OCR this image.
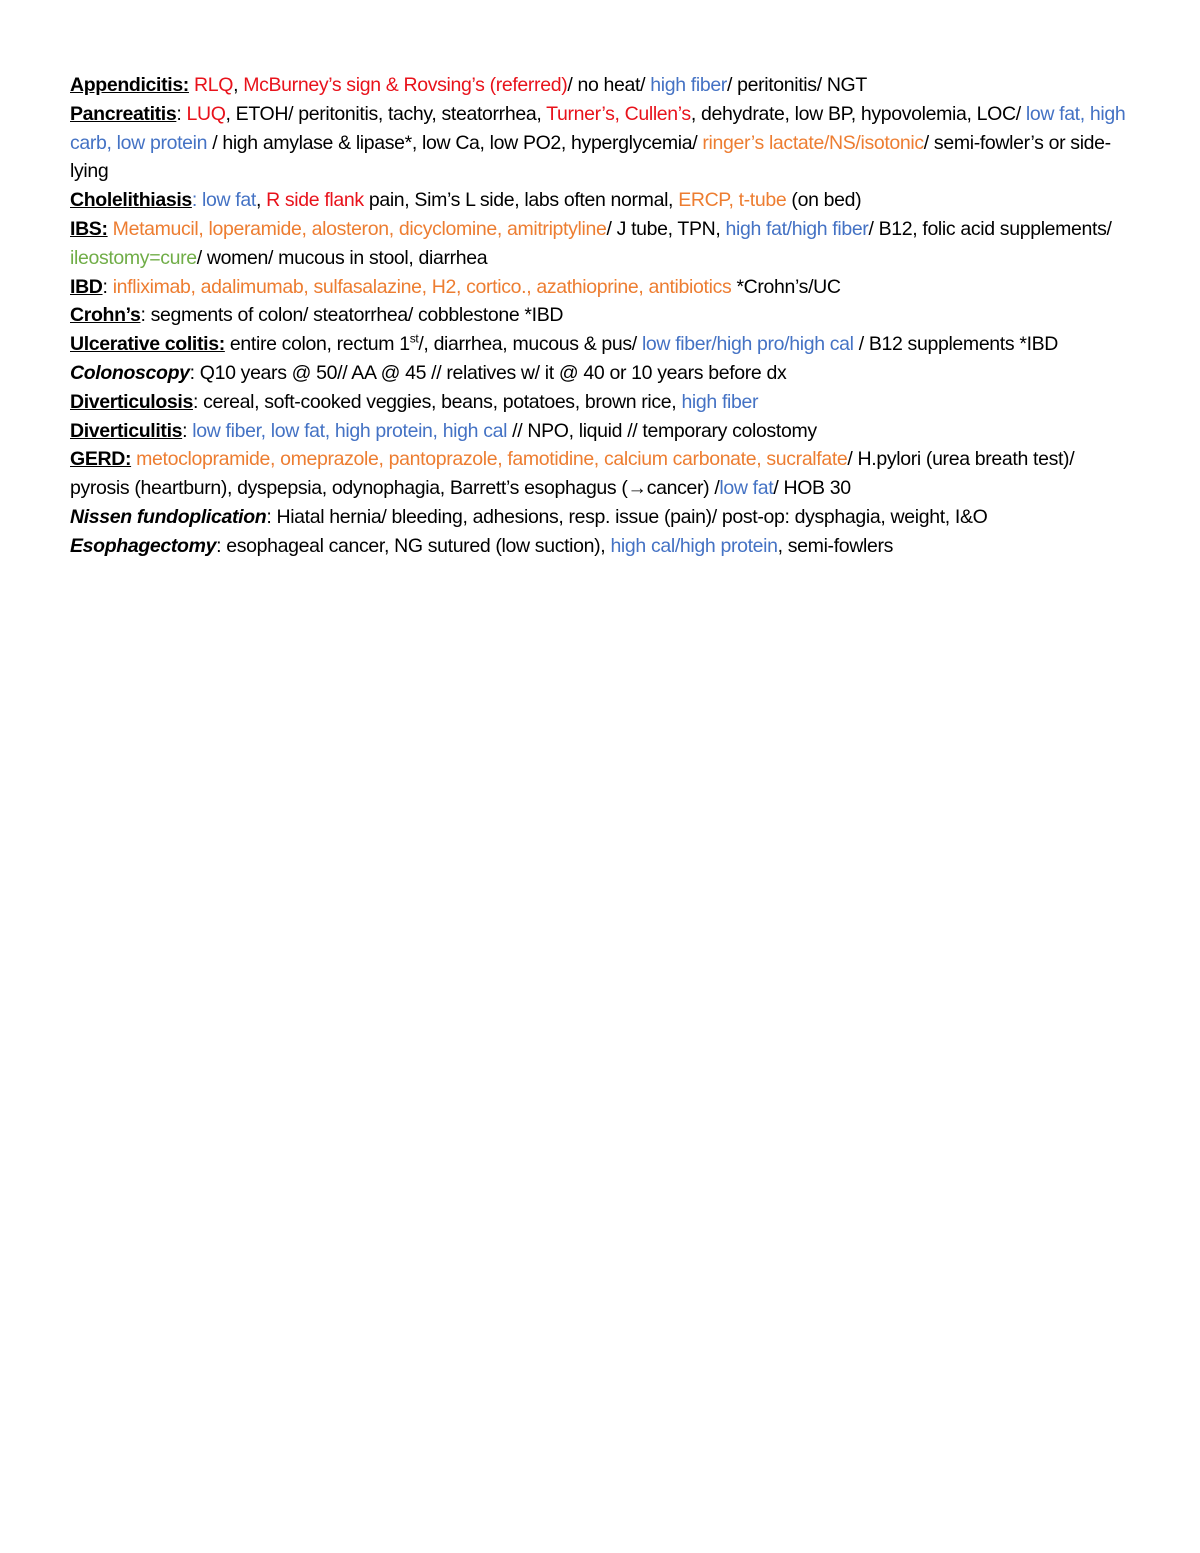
Appendicitis: RLQ, McBurney’s sign & Rovsing’s (referred)/ no heat/ high fiber/ peritonitis/ NGT
Pancreatitis: LUQ, ETOH/ peritonitis, tachy, steatorrhea, Turner’s, Cullen’s, dehydrate, low BP, hypovolemia, LOC/ low fat, high carb, low protein / high amylase & lipase*, low Ca, low PO2, hyperglycemia/ ringer’s lactate/NS/isotonic/ semi-fowler’s or side-lying
Cholelithiasis: low fat, R side flank pain, Sim’s L side, labs often normal, ERCP, t-tube (on bed)
IBS: Metamucil, loperamide, alosteron, dicyclomine, amitriptyline/ J tube, TPN, high fat/high fiber/ B12, folic acid supplements/ ileostomy=cure/ women/ mucous in stool, diarrhea
IBD: infliximab, adalimumab, sulfasalazine, H2, cortico., azathioprine, antibiotics *Crohn’s/UC
Crohn’s: segments of colon/ steatorrhea/ cobblestone *IBD
Ulcerative colitis: entire colon, rectum 1st/, diarrhea, mucous & pus/ low fiber/high pro/high cal / B12 supplements *IBD
Colonoscopy: Q10 years @ 50// AA @ 45 // relatives w/ it @ 40 or 10 years before dx
Diverticulosis: cereal, soft-cooked veggies, beans, potatoes, brown rice, high fiber
Diverticulitis: low fiber, low fat, high protein, high cal // NPO, liquid // temporary colostomy
GERD: metoclopramide, omeprazole, pantoprazole, famotidine, calcium carbonate, sucralfate/ H.pylori (urea breath test)/ pyrosis (heartburn), dyspepsia, odynophagia, Barrett’s esophagus (→cancer) /low fat/ HOB 30
Nissen fundoplication: Hiatal hernia/ bleeding, adhesions, resp. issue (pain)/ post-op: dysphagia, weight, I&O
Esophagectomy: esophageal cancer, NG sutured (low suction), high cal/high protein, semi-fowlers
